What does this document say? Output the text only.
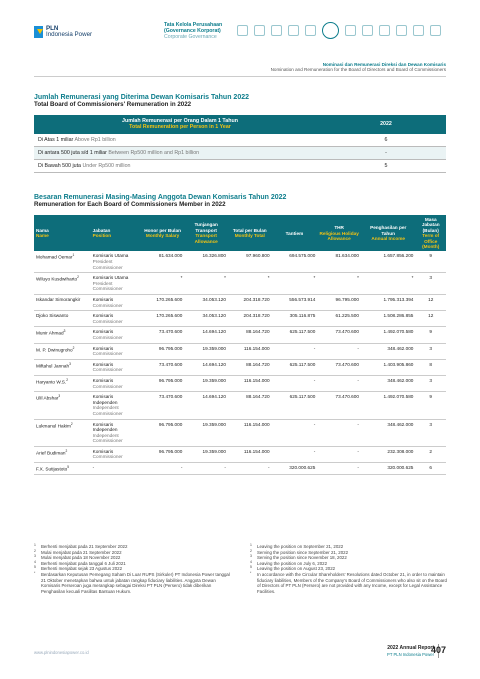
PLN
Indonesia Power
Tata Kelola Perusahaan
(Governance Korporat)
Corporate Governance
Nominasi dan Remunerasi Direksi dan Dewan Komisaris
Nomination and Remuneration for the Board of Directors and Board of Commissioners
Jumlah Remunerasi yang Diterima Dewan Komisaris Tahun 2022
Total Board of Commissioners' Remuneration in 2022
Jumlah Remunerasi per Orang Dalam 1 Tahun
Total Remuneration per Person in 1 Year	2022
Di Atas 1 miliar Above Rp1 billion	6
Di antara 500 juta s/d 1 miliar Between Rp500 million and Rp1 billion	-
Di Bawah 500 juta Under Rp500 million	5
Besaran Remunerasi Masing-Masing Anggota Dewan Komisaris Tahun 2022
Remuneration for Each Board of Commissioners Member in 2022
Nama
Name	Jabatan
Position	Honor per Bulan
Monthly Salary	Tunjangan Transport
Transport Allowance	Total per Bulan
Monthly Total	Tantiem	THR
Religious Holiday Allowance	Penghasilan per Tahun
Annual Income	Masa Jabatan (Bulan)
Term of Office (Month)

Mohamad Oemar$^1$	Komisaris Utama
President Commissioner	81.634.000	16.326.800	97.960.800	694.575.000	81.634.000	1.657.856.200	9
Wiluyo Kusdwiharto$^2$	Komisaris Utama
President Commissioner	*	*	*	*	*	*	3
Iskandar Simorangkir	Komisaris
Commissioner	170.265.600	34.053.120	204.318.720	556.573.914	96.795.000	1.795.313.394	12
Djoko Siswanto	Komisaris
Commissioner	170.265.600	34.053.120	204.318.720	305.116.875	61.225.500	1.508.286.855	12
Munir Ahmad$^3$	Komisaris
Commissioner	73.470.600	14.694.120	88.164.720	625.117.500	73.470.600	1.492.070.580	9
M. P. Dwinugroho$^2$	Komisaris
Commissioner	96.795.000	19.359.000	116.154.000	-	-	348.462.000	3
Miftahul Jannah$^3$	Komisaris
Commissioner	73.470.600	14.694.120	88.164.720	625.117.500	73.470.600	1.403.905.860	8
Haryanto W.S.$^2$	Komisaris
Commissioner	96.795.000	19.359.000	116.154.000	-	-	348.462.000	3
Ulil Abshar$^3$	Komisaris Independen
Independent Commissioner	73.470.600	14.694.120	88.164.720	625.117.500	73.470.600	1.492.070.580	9
Lukmanul Hakim$^2$	Komisaris Independen
Independent Commissioner	96.795.000	19.359.000	116.154.000	-	-	348.462.000	3
Arief Budiman$^2$	Komisaris
Commissioner	96.795.000	19.359.000	116.154.000	-	-	232.308.000	2
F.X. Sutijastoto$^5$	-	-	-	-	320.000.625	-	320.000.625	6
1 Berhenti menjabat pada 21 September 2022
2 Mulai menjabat pada 21 September 2022
3 Mulai menjabat pada 18 November 2022
4 Berhenti menjabat pada tanggal 6 Juli 2021
5 Berhenti menjabat sejak 23 Agustus 2022
* Berdasarkan Keputusan Pemegang Saham Di Luar RUPS (Sirkuler) PT Indonesia Power tanggal 21 Oktober menetapkan bahwa untuk jabatan rangkap fiduciary liabilities. Anggota Dewan Komisaris Perseroan juga merangkap sebagai Direksi PT PLN (Persero) tidak diberikan Penghasilan kecuali Fasilitas Bantuan Hukum.
1 Leaving the position on September 21, 2022
2 Serving the position since September 21, 2022
3 Serving the position since November 18, 2022
4 Leaving the position on July 6, 2022
5 Leaving the position on August 23, 2022
* In accordance with the Circular Shareholders' Resolutions dated October 21, in order to maintain fiduciary liabilities, Members of the Company's Board of Commissioners who also sit on the Board of Directors of PT PLN (Persero) are not provided with any Income, except for Legal Assistance Facilities.
www.plnindonesiapower.co.id
2022 Annual Report
PT PLN Indonesia Power
407
